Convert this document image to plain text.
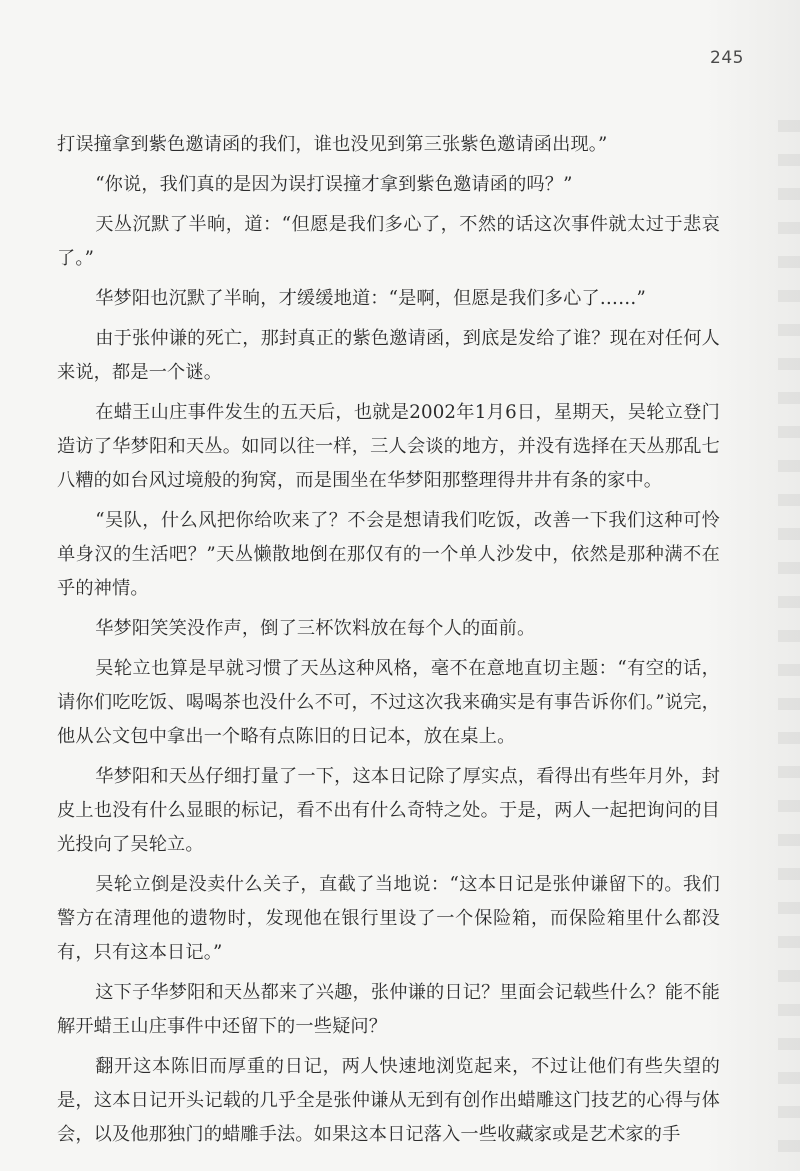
245

打误撞拿到紫色邀请函的我们，谁也没见到第三张紫色邀请函出现。”

“你说，我们真的是因为误打误撞才拿到紫色邀请函的吗？”

天丛沉默了半晌，道：“但愿是我们多心了，不然的话这次事件就太过于悲哀了。”

华梦阳也沉默了半晌，才缓缓地道：“是啊，但愿是我们多心了……”

由于张仲谦的死亡，那封真正的紫色邀请函，到底是发给了谁？现在对任何人来说，都是一个谜。

在蜡王山庄事件发生的五天后，也就是2002年1月6日，星期天，吴轮立登门造访了华梦阳和天丛。如同以往一样，三人会谈的地方，并没有选择在天丛那乱七八糟的如台风过境般的狗窝，而是围坐在华梦阳那整理得井井有条的家中。

“吴队，什么风把你给吹来了？不会是想请我们吃饭，改善一下我们这种可怜单身汉的生活吧？”天丛懒散地倒在那仅有的一个单人沙发中，依然是那种满不在乎的神情。

华梦阳笑笑没作声，倒了三杯饮料放在每个人的面前。

吴轮立也算是早就习惯了天丛这种风格，毫不在意地直切主题：“有空的话，请你们吃吃饭、喝喝茶也没什么不可，不过这次我来确实是有事告诉你们。”说完，他从公文包中拿出一个略有点陈旧的日记本，放在桌上。

华梦阳和天丛仔细打量了一下，这本日记除了厚实点，看得出有些年月外，封皮上也没有什么显眼的标记，看不出有什么奇特之处。于是，两人一起把询问的目光投向了吴轮立。

吴轮立倒是没卖什么关子，直截了当地说：“这本日记是张仲谦留下的。我们警方在清理他的遗物时，发现他在银行里设了一个保险箱，而保险箱里什么都没有，只有这本日记。”

这下子华梦阳和天丛都来了兴趣，张仲谦的日记？里面会记载些什么？能不能解开蜡王山庄事件中还留下的一些疑问？

翻开这本陈旧而厚重的日记，两人快速地浏览起来，不过让他们有些失望的是，这本日记开头记载的几乎全是张仲谦从无到有创作出蜡雕这门技艺的心得与体会，以及他那独门的蜡雕手法。如果这本日记落入一些收藏家或是艺术家的手
